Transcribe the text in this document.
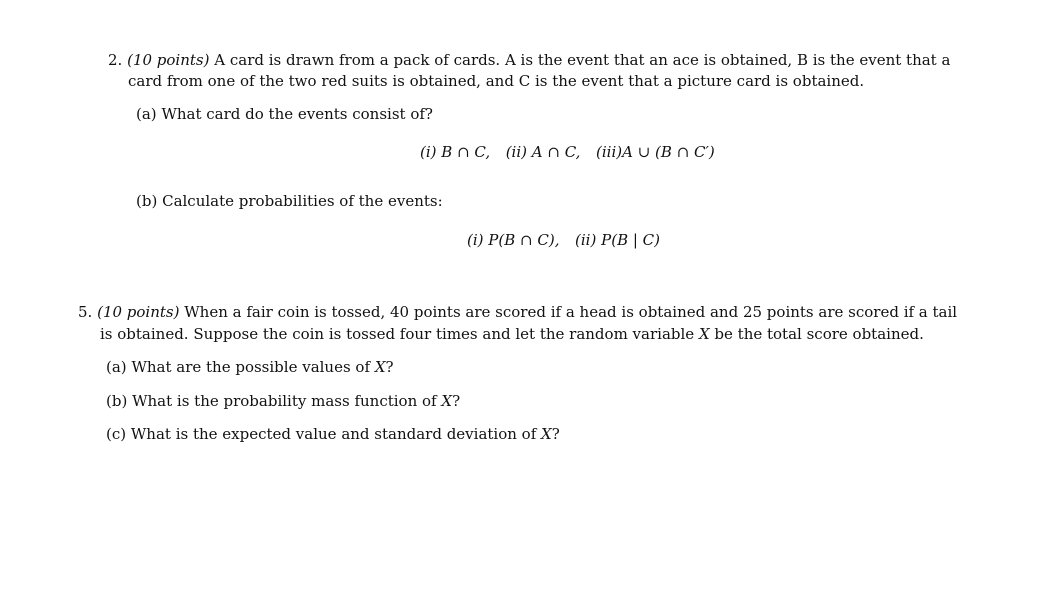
2. (10 points) A card is drawn from a pack of cards. A is the event that an ace is obtained, B is the event that a
card from one of the two red suits is obtained, and C is the event that a picture card is obtained.
(a) What card do the events consist of?
(i) B ∩ C, (ii) A ∩ C, (iii)A ∪ (B ∩ C′)
(b) Calculate probabilities of the events:
(i) P(B ∩ C), (ii) P(B | C)
5. (10 points) When a fair coin is tossed, 40 points are scored if a head is obtained and 25 points are scored if a tail
is obtained. Suppose the coin is tossed four times and let the random variable X be the total score obtained.
(a) What are the possible values of X?
(b) What is the probability mass function of X?
(c) What is the expected value and standard deviation of X?
